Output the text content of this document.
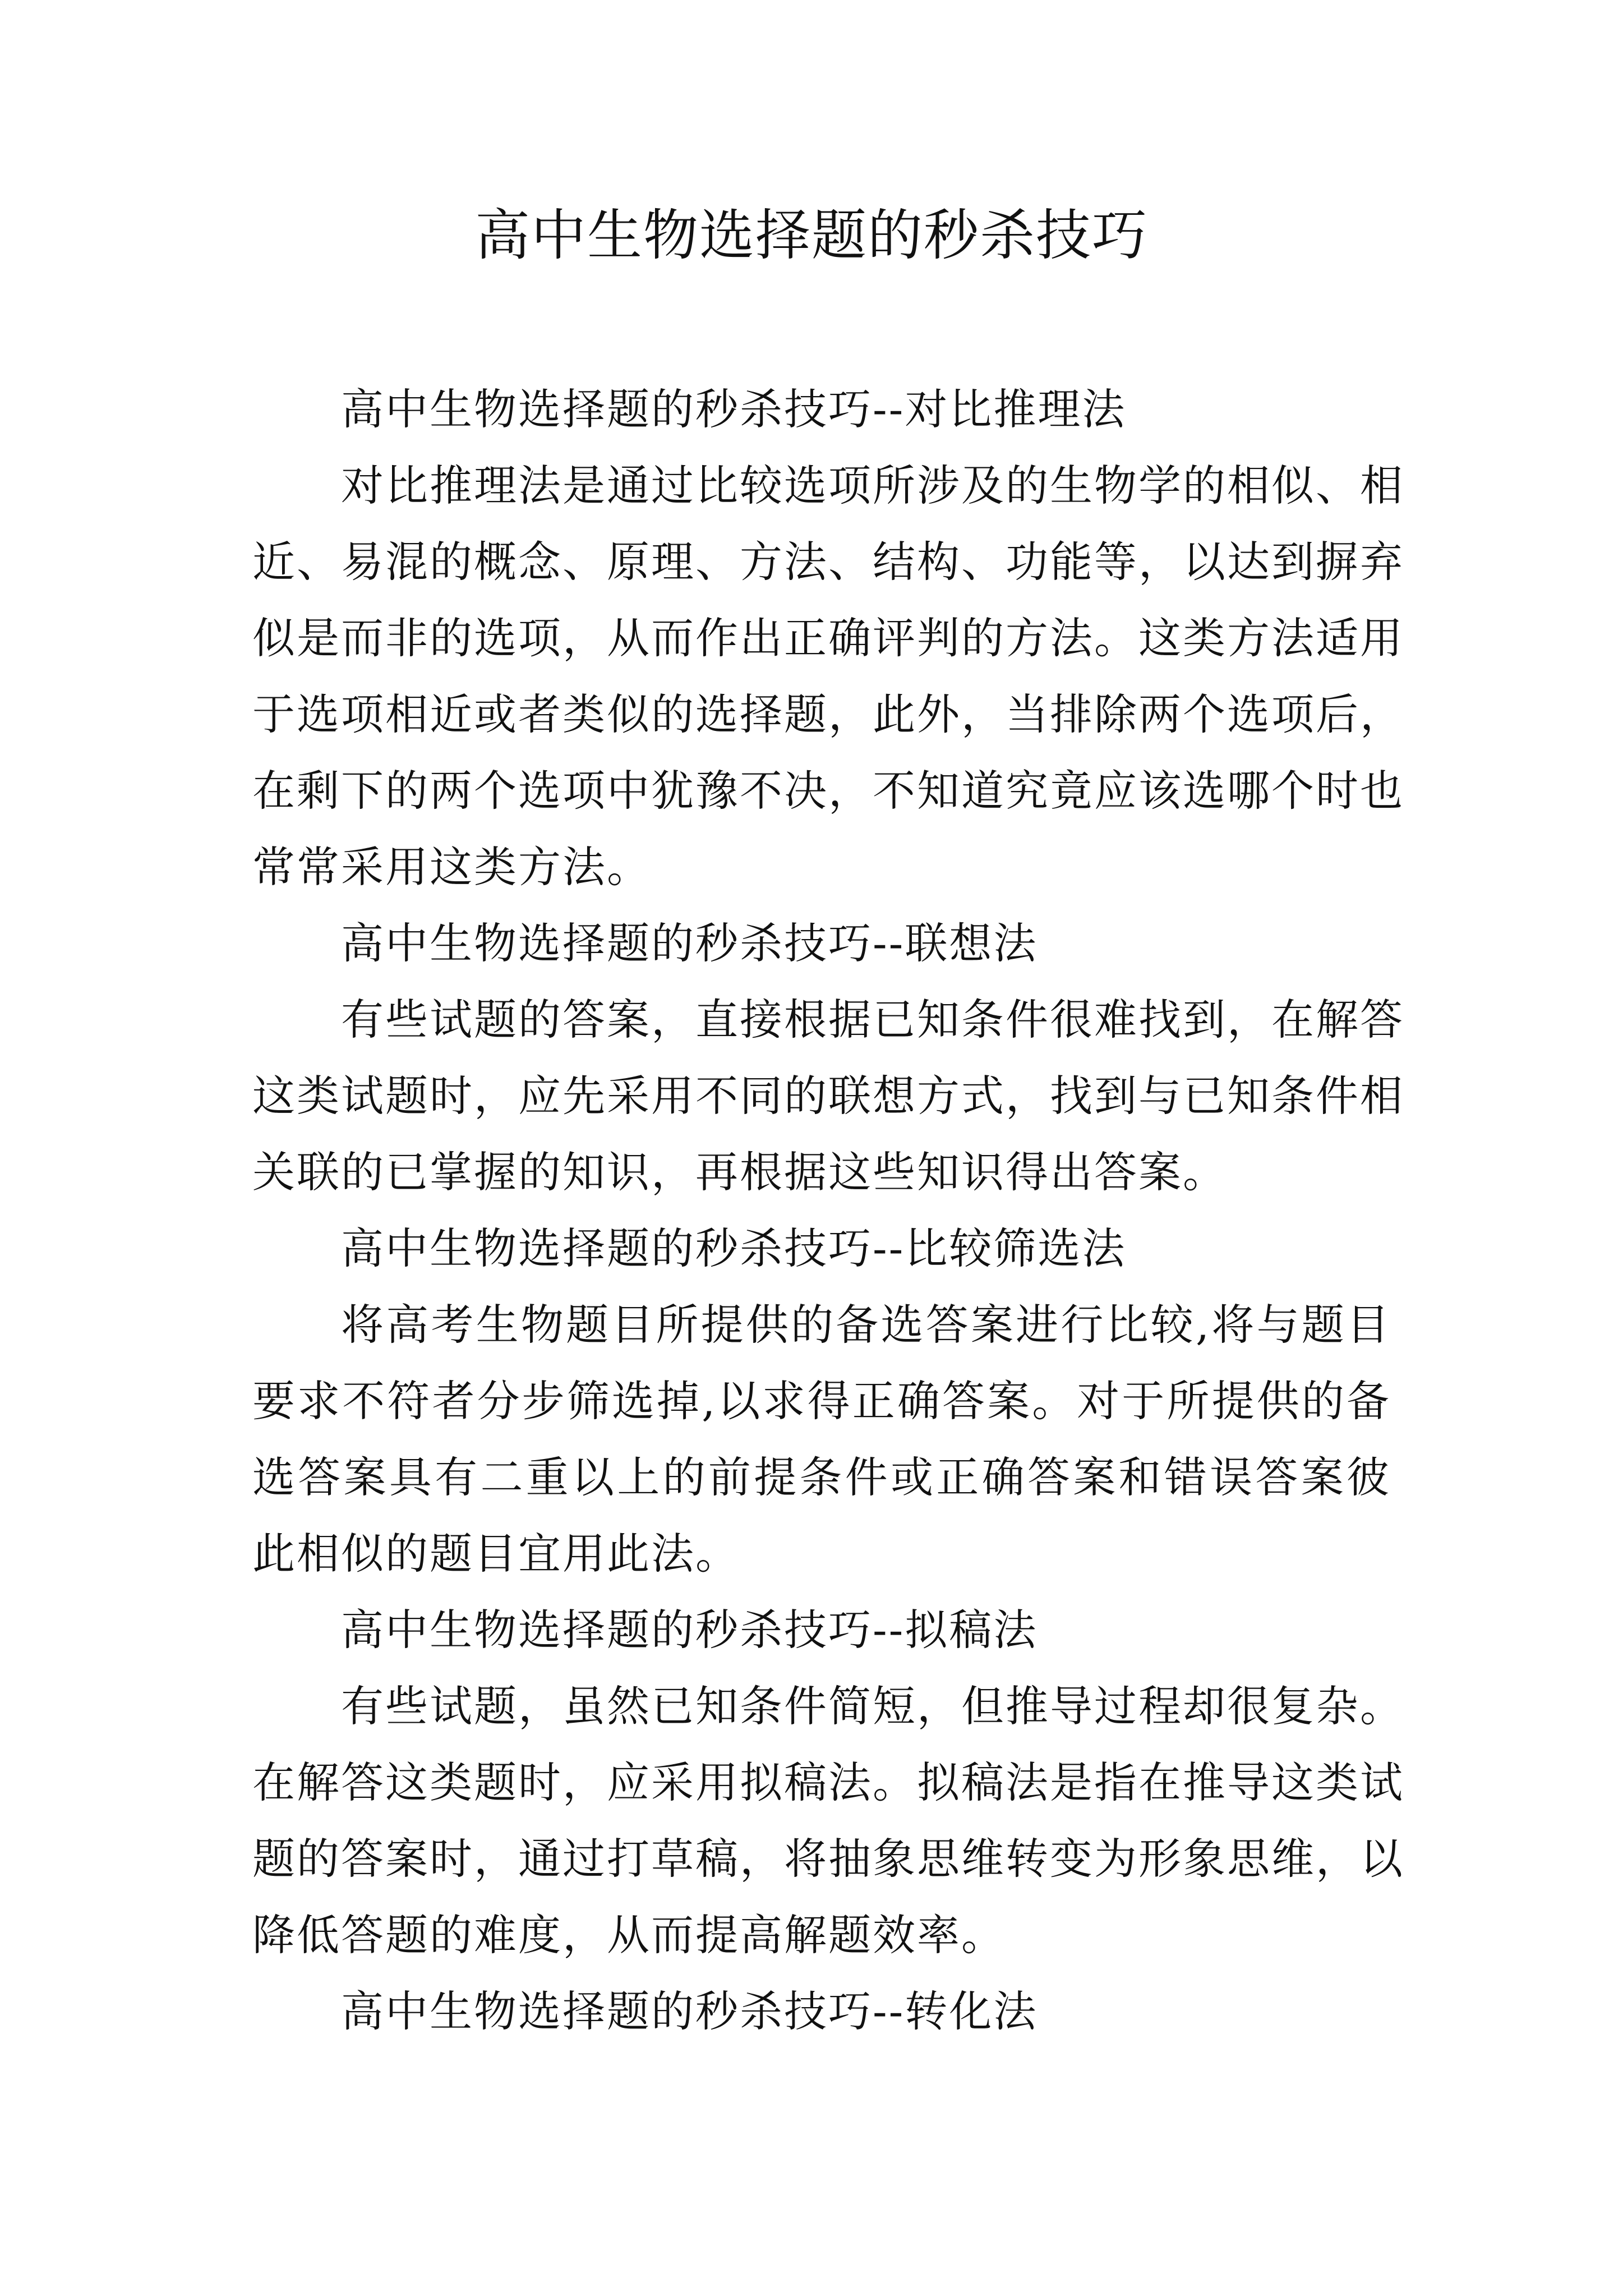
高中生物选择题的秒杀技巧
高中生物选择题的秒杀技巧--对比推理法
对比推理法是通过比较选项所涉及的生物学的相似、相
近、易混的概念、原理、方法、结构、功能等，以达到摒弃
似是而非的选项，从而作出正确评判的方法。这类方法适用
于选项相近或者类似的选择题，此外，当排除两个选项后，
在剩下的两个选项中犹豫不决，不知道究竟应该选哪个时也
常常采用这类方法。
高中生物选择题的秒杀技巧--联想法
有些试题的答案，直接根据已知条件很难找到，在解答
这类试题时，应先采用不同的联想方式，找到与已知条件相
关联的已掌握的知识，再根据这些知识得出答案。
高中生物选择题的秒杀技巧--比较筛选法
将高考生物题目所提供的备选答案进行比较,将与题目
要求不符者分步筛选掉,以求得正确答案。对于所提供的备
选答案具有二重以上的前提条件或正确答案和错误答案彼
此相似的题目宜用此法。
高中生物选择题的秒杀技巧--拟稿法
有些试题，虽然已知条件简短，但推导过程却很复杂。
在解答这类题时，应采用拟稿法。拟稿法是指在推导这类试
题的答案时，通过打草稿，将抽象思维转变为形象思维，以
降低答题的难度，从而提高解题效率。
高中生物选择题的秒杀技巧--转化法
